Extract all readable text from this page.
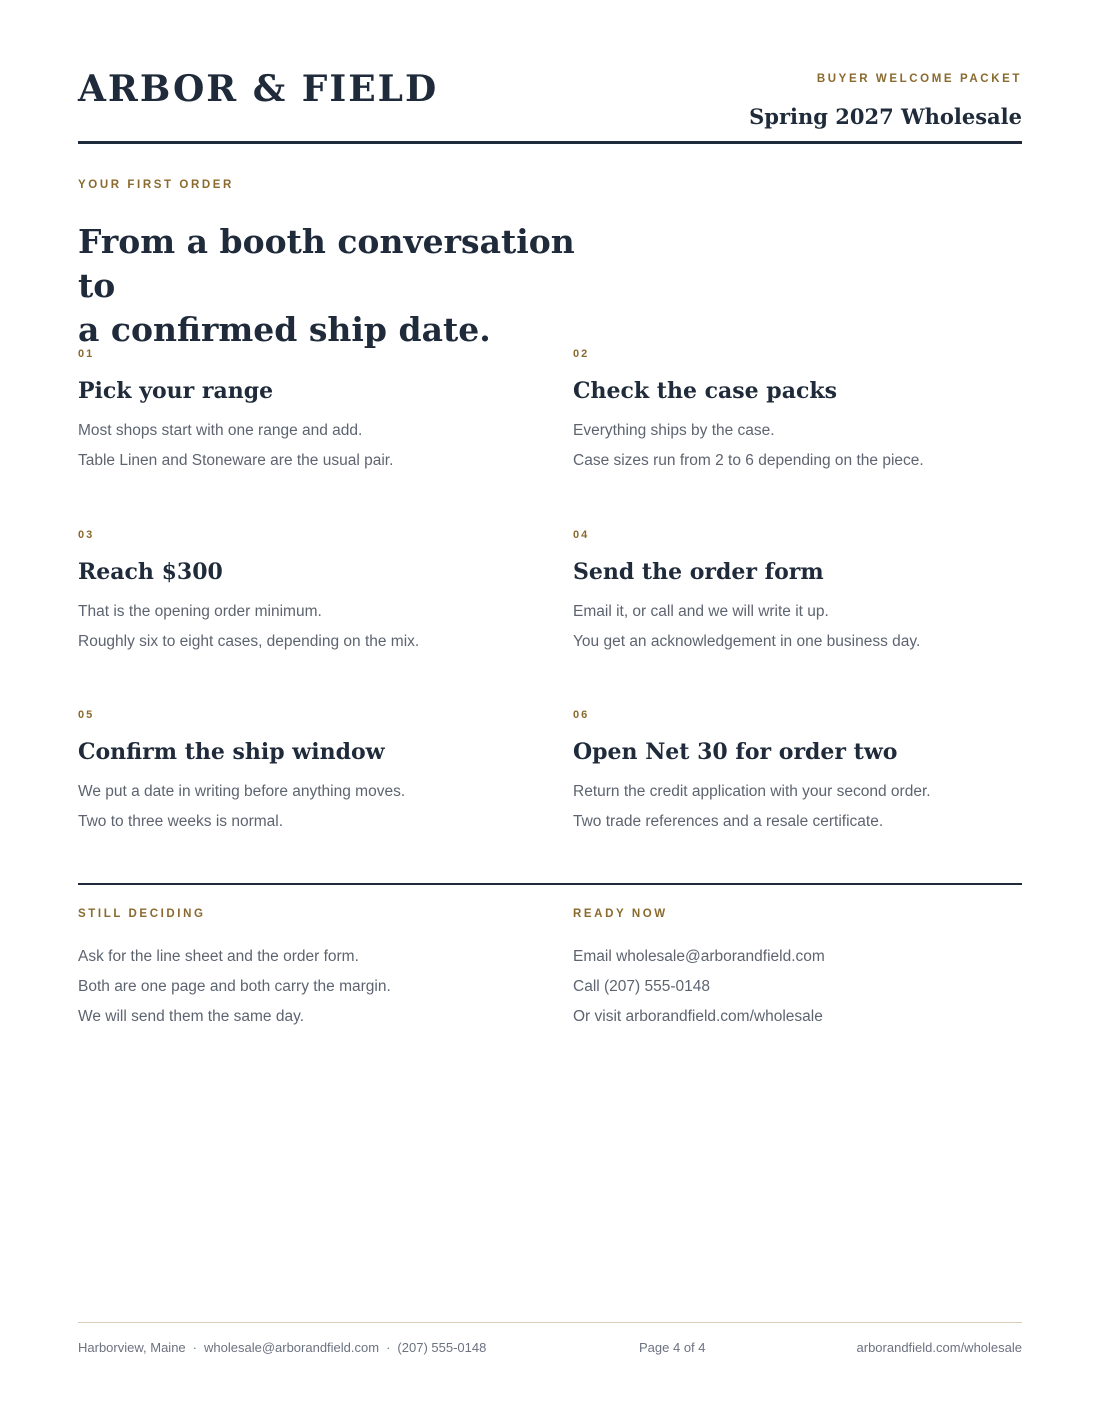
ARBOR & FIELD	BUYER WELCOME PACKET
Spring 2027 Wholesale
YOUR FIRST ORDER
From a booth conversation to
a confirmed ship date.
01
Pick your range
Most shops start with one range and add.
Table Linen and Stoneware are the usual pair.
02
Check the case packs
Everything ships by the case.
Case sizes run from 2 to 6 depending on the piece.
03
Reach $300
That is the opening order minimum.
Roughly six to eight cases, depending on the mix.
04
Send the order form
Email it, or call and we will write it up.
You get an acknowledgement in one business day.
05
Confirm the ship window
We put a date in writing before anything moves.
Two to three weeks is normal.
06
Open Net 30 for order two
Return the credit application with your second order.
Two trade references and a resale certificate.
STILL DECIDING
Ask for the line sheet and the order form.
Both are one page and both carry the margin.
We will send them the same day.
READY NOW
Email wholesale@arborandfield.com
Call (207) 555-0148
Or visit arborandfield.com/wholesale
Harborview, Maine · wholesale@arborandfield.com · (207) 555-0148	Page 4 of 4	arborandfield.com/wholesale
